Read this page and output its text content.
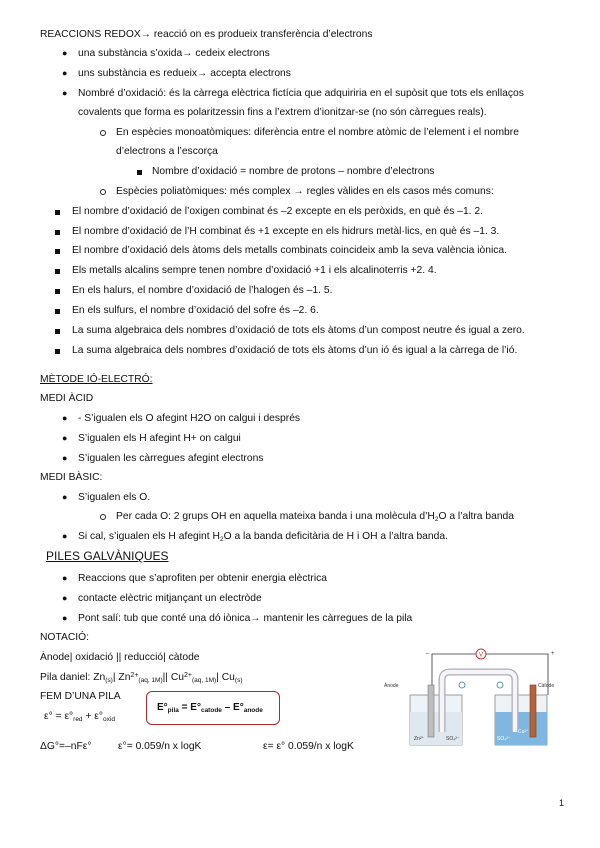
REACCIONS REDOX→ reacció on es produeix transferència d’electrons
● una substància s’oxida→ cedeix electrons
● uns substància es redueix→ accepta electrons
● Nombré d’oxidació: és la càrrega elèctrica fictícia que adquiriria en el supòsit que tots els enllaços
covalents que forma es polaritzessin fins a l’extrem d’ionitzar-se (no són càrregues reals).
En espècies monoatòmiques: diferència entre el nombre atòmic de l’element i el nombre
d’electrons a l’escorça
Nombre d’oxidació = nombre de protons – nombre d’electrons
Espècies poliatòmiques: més complex → regles vàlides en els casos més comuns:
El nombre d’oxidació de l’oxigen combinat és –2 excepte en els peròxids, en què és –1. 2.
El nombre d’oxidació de l’H combinat és +1 excepte en els hidrurs metàl·lics, en què és –1. 3.
El nombre d’oxidació dels àtoms dels metalls combinats coincideix amb la seva valència iònica.
Els metalls alcalins sempre tenen nombre d’oxidació +1 i els alcalinoterris +2. 4.
En els halurs, el nombre d’oxidació de l’halogen és –1. 5.
En els sulfurs, el nombre d’oxidació del sofre és –2. 6.
La suma algebraica dels nombres d’oxidació de tots els àtoms d’un compost neutre és igual a zero.
La suma algebraica dels nombres d’oxidació de tots els àtoms d’un ió és igual a la càrrega de l’ió.
MÈTODE IÓ-ELECTRÓ:
MEDI ÀCID
● - S’igualen els O afegint H2O on calgui i després
● S’igualen els H afegint H+ on calgui
● S’igualen les càrregues afegint electrons
MEDI BÀSIC:
● S’igualen els O.
Per cada O: 2 grups OH en aquella mateixa banda i una molècula $d’H_2O$ a l’altra banda
● Si cal, s’igualen els H afegint $H_2O$ a la banda deficitària de H i OH a l’altra banda.
PILES GALVÀNIQUES
● Reaccions que s’aprofiten per obtenir energia elèctrica
● contacte elèctric mitjançant un electròde
● Pont salí: tub que conté una dó iònica→ mantenir les càrregues de la pila
NOTACIÓ:
Ànode| oxidació || reducció| càtode
Pila daniel: $Zn_{(s)}|$ $Zn^{2+}_{(aq, 1M)}||$ $Cu^{2+}_{(aq, 1M)}|$ $Cu_{(s)}$
FEM D’UNA PILA
$\varepsilon^\circ = \varepsilon^\circ_{red} + \varepsilon^\circ_{oxid}$
$E^\circ_{pila} = E^\circ_{catode} - E^\circ_{anode}$
ΔG°=–nFε°	ε°= 0.059/n x logK	ε= ε° 0.059/n x logK
V
–	+
Ànode	Càtode
Zn²⁺	SO₄²⁻	SO₄²⁻
Cu²⁺
1
